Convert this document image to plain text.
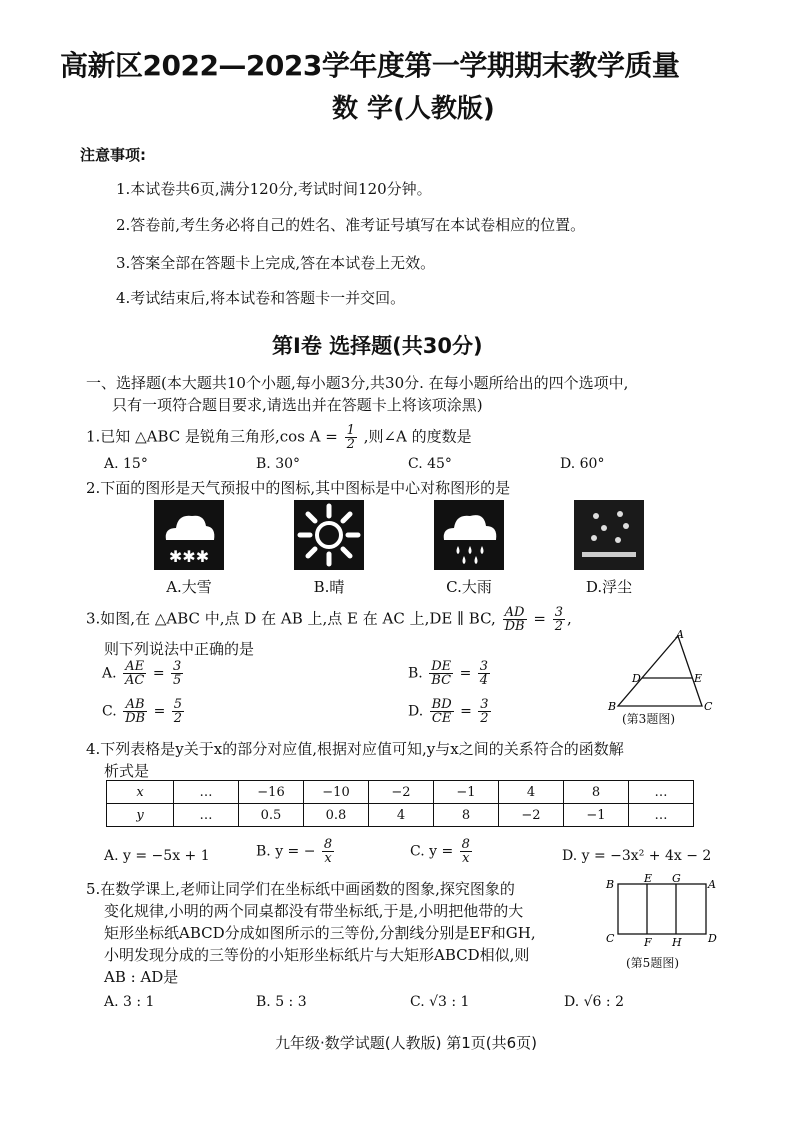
高新区2022—2023学年度第一学期期末教学质量
数 学(人教版)
注意事项:
1.本试卷共6页,满分120分,考试时间120分钟。
2.答卷前,考生务必将自己的姓名、准考证号填写在本试卷相应的位置。
3.答案全部在答题卡上完成,答在本试卷上无效。
4.考试结束后,将本试卷和答题卡一并交回。
第Ⅰ卷 选择题(共30分)
一、选择题(本大题共10个小题,每小题3分,共30分. 在每小题所给出的四个选项中,
只有一项符合题目要求,请选出并在答题卡上将该项涂黑)
1.已知 △ABC 是锐角三角形,cos $A = \frac{1}{2}$ ,则∠A 的度数是
A. 15°	B. 30°	C. 45°	D. 60°
2.下面的图形是天气预报中的图标,其中图标是中心对称图形的是
✱✱✱
A.大雪	B.晴	C.大雨	D.浮尘
3.如图,在 △ABC 中,点 D 在 AB 上,点 E 在 AC 上,DE ∥ BC, $\frac{AD}{DB} = \frac{3}{2}$ ,
则下列说法中正确的是
A. $\frac{AE}{AC} = \frac{3}{5}$	B. $\frac{DE}{BC} = \frac{3}{4}$
C. $\frac{AB}{DB} = \frac{5}{2}$	D. $\frac{BD}{CE} = \frac{3}{2}$
A
B	C
D	E
(第3题图)
4.下列表格是y关于x的部分对应值,根据对应值可知,y与x之间的关系符合的函数解
析式是
x	…	−16	−10	−2	−1	4	8	…
y	…	0.5	0.8	4	8	−2	−1	…
A. y = −5x + 1	B. y = − $\frac{8}{x}$	C. $y = \frac{8}{x}$	D. y = −3x² + 4x − 2
5.在数学课上,老师让同学们在坐标纸中画函数的图象,探究图象的
变化规律,小明的两个同桌都没有带坐标纸,于是,小明把他带的大
矩形坐标纸ABCD分成如图所示的三等份,分割线分别是EF和GH,
小明发现分成的三等份的小矩形坐标纸片与大矩形ABCD相似,则
AB : AD是
A. 3 : 1	B. 5 : 3	C. √3 : 1	D. √6 : 2
B	E G A
C	F H D
(第5题图)
九年级·数学试题(人教版) 第1页(共6页)
